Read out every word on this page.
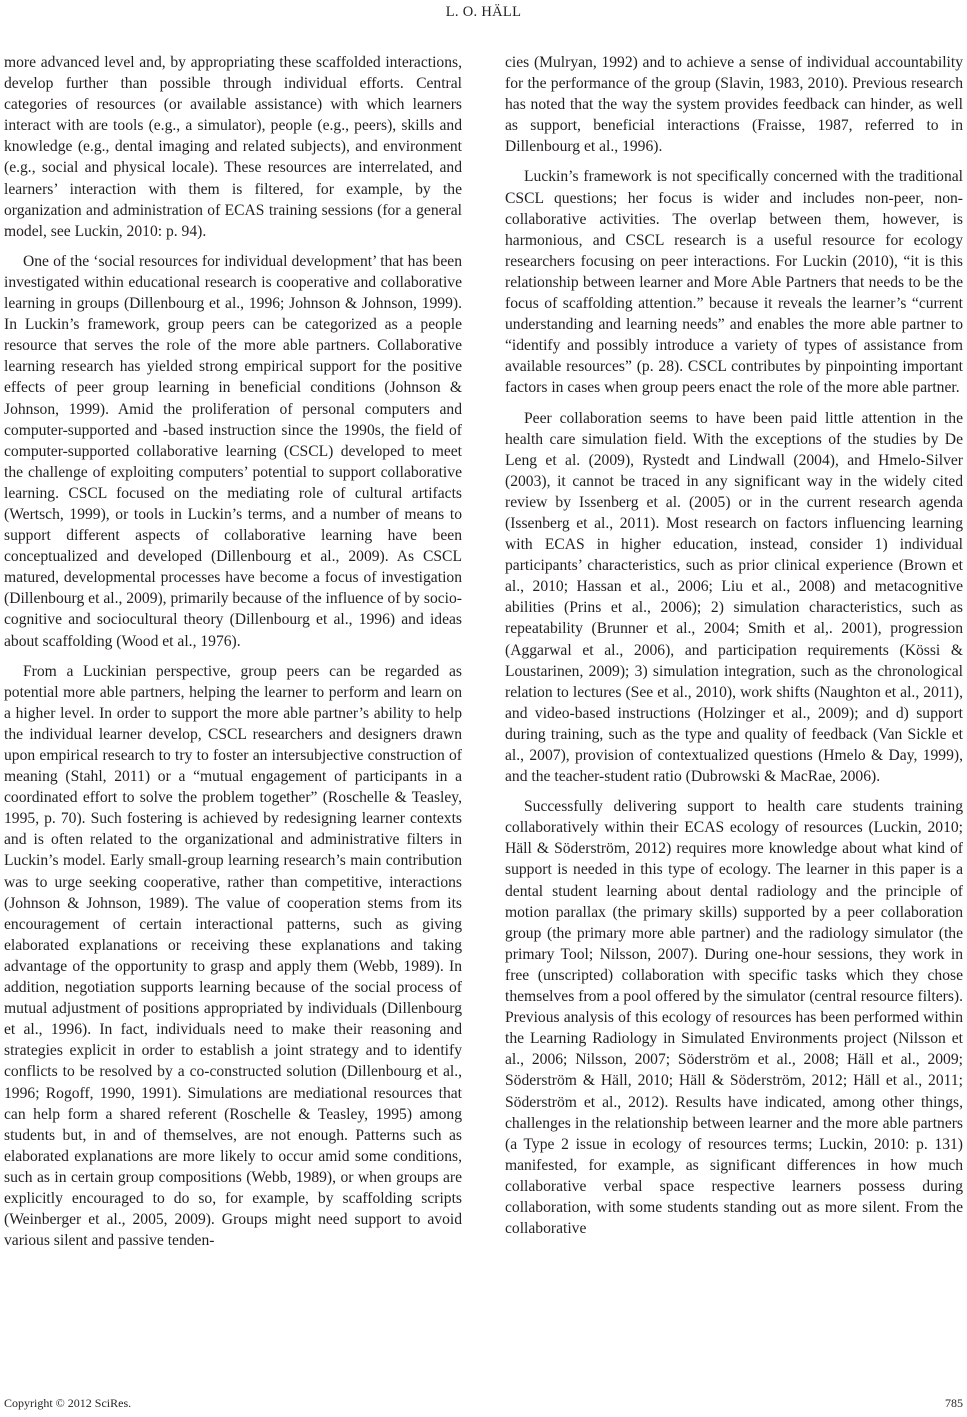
L. O. HÄLL

more advanced level and, by appropriating these scaffolded interactions, develop further than possible through individual efforts. Central categories of resources (or available assistance) with which learners interact with are tools (e.g., a simulator), people (e.g., peers), skills and knowledge (e.g., dental imaging and related subjects), and environment (e.g., social and physical locale). These resources are interrelated, and learners’ interaction with them is filtered, for example, by the organization and administration of ECAS training sessions (for a general model, see Luckin, 2010: p. 94).

One of the ‘social resources for individual development’ that has been investigated within educational research is cooperative and collaborative learning in groups (Dillenbourg et al., 1996; Johnson & Johnson, 1999). In Luckin’s framework, group peers can be categorized as a people resource that serves the role of the more able partners. Collaborative learning research has yielded strong empirical support for the positive effects of peer group learning in beneficial conditions (Johnson & Johnson, 1999). Amid the proliferation of personal computers and computer-supported and -based instruction since the 1990s, the field of computer-supported collaborative learning (CSCL) developed to meet the challenge of exploiting computers’ potential to support collaborative learning. CSCL focused on the mediating role of cultural artifacts (Wertsch, 1999), or tools in Luckin’s terms, and a number of means to support different aspects of collaborative learning have been conceptualized and developed (Dillenbourg et al., 2009). As CSCL matured, developmental processes have become a focus of investigation (Dillenbourg et al., 2009), primarily because of the influence of by socio-cognitive and sociocultural theory (Dillenbourg et al., 1996) and ideas about scaffolding (Wood et al., 1976).

From a Luckinian perspective, group peers can be regarded as potential more able partners, helping the learner to perform and learn on a higher level. In order to support the more able partner’s ability to help the individual learner develop, CSCL researchers and designers drawn upon empirical research to try to foster an intersubjective construction of meaning (Stahl, 2011) or a “mutual engagement of participants in a coordinated effort to solve the problem together” (Roschelle & Teasley, 1995, p. 70). Such fostering is achieved by redesigning learner contexts and is often related to the organizational and administrative filters in Luckin’s model. Early small-group learning research’s main contribution was to urge seeking cooperative, rather than competitive, interactions (Johnson & Johnson, 1989). The value of cooperation stems from its encouragement of certain interactional patterns, such as giving elaborated explanations or receiving these explanations and taking advantage of the opportunity to grasp and apply them (Webb, 1989). In addition, negotiation supports learning because of the social process of mutual adjustment of positions appropriated by individuals (Dillenbourg et al., 1996). In fact, individuals need to make their reasoning and strategies explicit in order to establish a joint strategy and to identify conflicts to be resolved by a co-constructed solution (Dillenbourg et al., 1996; Rogoff, 1990, 1991). Simulations are mediational resources that can help form a shared referent (Roschelle & Teasley, 1995) among students but, in and of themselves, are not enough. Patterns such as elaborated explanations are more likely to occur amid some conditions, such as in certain group compositions (Webb, 1989), or when groups are explicitly encouraged to do so, for example, by scaffolding scripts (Weinberger et al., 2005, 2009). Groups might need support to avoid various silent and passive tenden-

cies (Mulryan, 1992) and to achieve a sense of individual accountability for the performance of the group (Slavin, 1983, 2010). Previous research has noted that the way the system provides feedback can hinder, as well as support, beneficial interactions (Fraisse, 1987, referred to in Dillenbourg et al., 1996).

Luckin’s framework is not specifically concerned with the traditional CSCL questions; her focus is wider and includes non-peer, non-collaborative activities. The overlap between them, however, is harmonious, and CSCL research is a useful resource for ecology researchers focusing on peer interactions. For Luckin (2010), “it is this relationship between learner and More Able Partners that needs to be the focus of scaffolding attention.” because it reveals the learner’s “current understanding and learning needs” and enables the more able partner to “identify and possibly introduce a variety of types of assistance from available resources” (p. 28). CSCL contributes by pinpointing important factors in cases when group peers enact the role of the more able partner.

Peer collaboration seems to have been paid little attention in the health care simulation field. With the exceptions of the studies by De Leng et al. (2009), Rystedt and Lindwall (2004), and Hmelo-Silver (2003), it cannot be traced in any significant way in the widely cited review by Issenberg et al. (2005) or in the current research agenda (Issenberg et al., 2011). Most research on factors influencing learning with ECAS in higher education, instead, consider 1) individual participants’ characteristics, such as prior clinical experience (Brown et al., 2010; Hassan et al., 2006; Liu et al., 2008) and metacognitive abilities (Prins et al., 2006); 2) simulation characteristics, such as repeatability (Brunner et al., 2004; Smith et al,. 2001), progression (Aggarwal et al., 2006), and participation requirements (Kössi & Loustarinen, 2009); 3) simulation integration, such as the chronological relation to lectures (See et al., 2010), work shifts (Naughton et al., 2011), and video-based instructions (Holzinger et al., 2009); and d) support during training, such as the type and quality of feedback (Van Sickle et al., 2007), provision of contextualized questions (Hmelo & Day, 1999), and the teacher-student ratio (Dubrowski & MacRae, 2006).

Successfully delivering support to health care students training collaboratively within their ECAS ecology of resources (Luckin, 2010; Häll & Söderström, 2012) requires more knowledge about what kind of support is needed in this type of ecology. The learner in this paper is a dental student learning about dental radiology and the principle of motion parallax (the primary skills) supported by a peer collaboration group (the primary more able partner) and the radiology simulator (the primary Tool; Nilsson, 2007). During one-hour sessions, they work in free (unscripted) collaboration with specific tasks which they chose themselves from a pool offered by the simulator (central resource filters). Previous analysis of this ecology of resources has been performed within the Learning Radiology in Simulated Environments project (Nilsson et al., 2006; Nilsson, 2007; Söderström et al., 2008; Häll et al., 2009; Söderström & Häll, 2010; Häll & Söderström, 2012; Häll et al., 2011; Söderström et al., 2012). Results have indicated, among other things, challenges in the relationship between learner and the more able partners (a Type 2 issue in ecology of resources terms; Luckin, 2010: p. 131) manifested, for example, as significant differences in how much collaborative verbal space respective learners possess during collaboration, with some students standing out as more silent. From the collaborative

Copyright © 2012 SciRes.	785
